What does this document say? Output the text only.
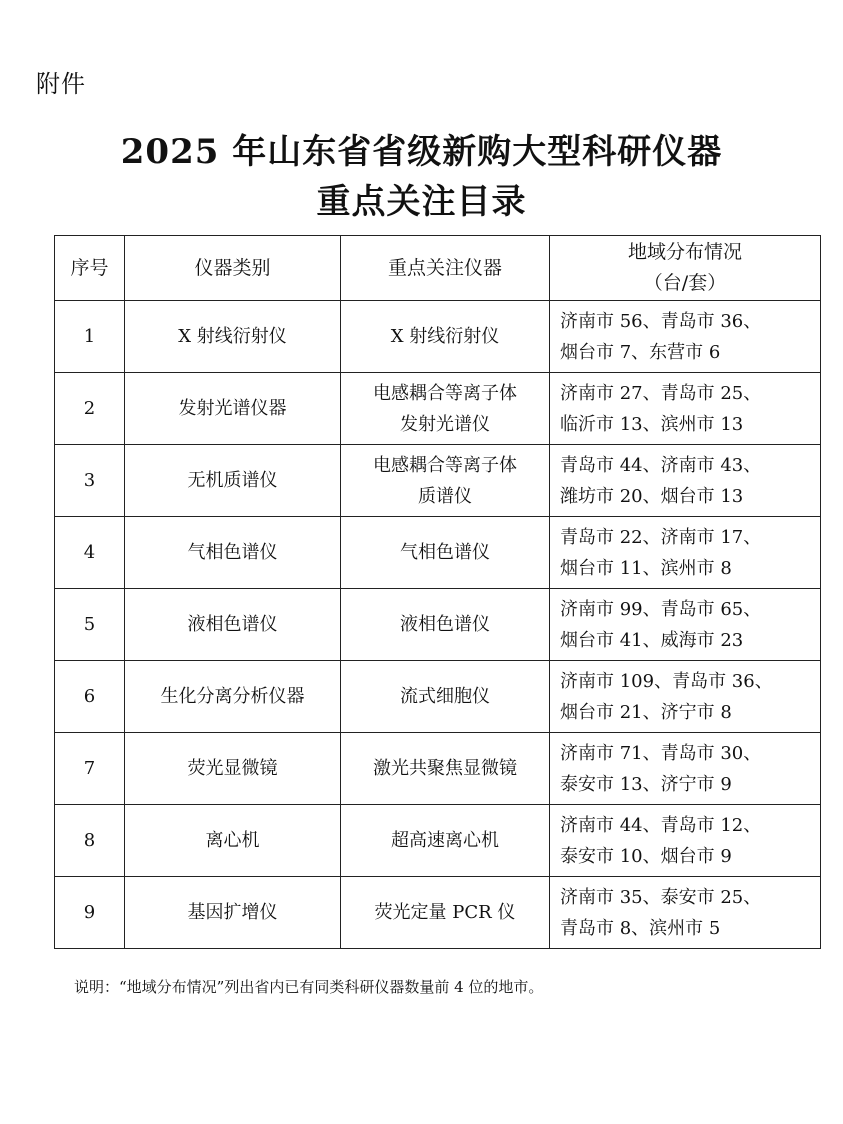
附件
2025 年山东省省级新购大型科研仪器
重点关注目录
序号	仪器类别	重点关注仪器	地域分布情况
（台/套）

1	X 射线衍射仪	X 射线衍射仪	济南市 56、青岛市 36、
烟台市 7、东营市 6

2	发射光谱仪器	电感耦合等离子体
发射光谱仪	济南市 27、青岛市 25、
临沂市 13、滨州市 13

3	无机质谱仪	电感耦合等离子体
质谱仪	青岛市 44、济南市 43、
潍坊市 20、烟台市 13

4	气相色谱仪	气相色谱仪	青岛市 22、济南市 17、
烟台市 11、滨州市 8

5	液相色谱仪	液相色谱仪	济南市 99、青岛市 65、
烟台市 41、威海市 23

6	生化分离分析仪器	流式细胞仪	济南市 109、青岛市 36、
烟台市 21、济宁市 8

7	荧光显微镜	激光共聚焦显微镜	济南市 71、青岛市 30、
泰安市 13、济宁市 9

8	离心机	超高速离心机	济南市 44、青岛市 12、
泰安市 10、烟台市 9

9	基因扩增仪	荧光定量 PCR 仪	济南市 35、泰安市 25、
青岛市 8、滨州市 5
说明：“地域分布情况”列出省内已有同类科研仪器数量前 4 位的地市。
